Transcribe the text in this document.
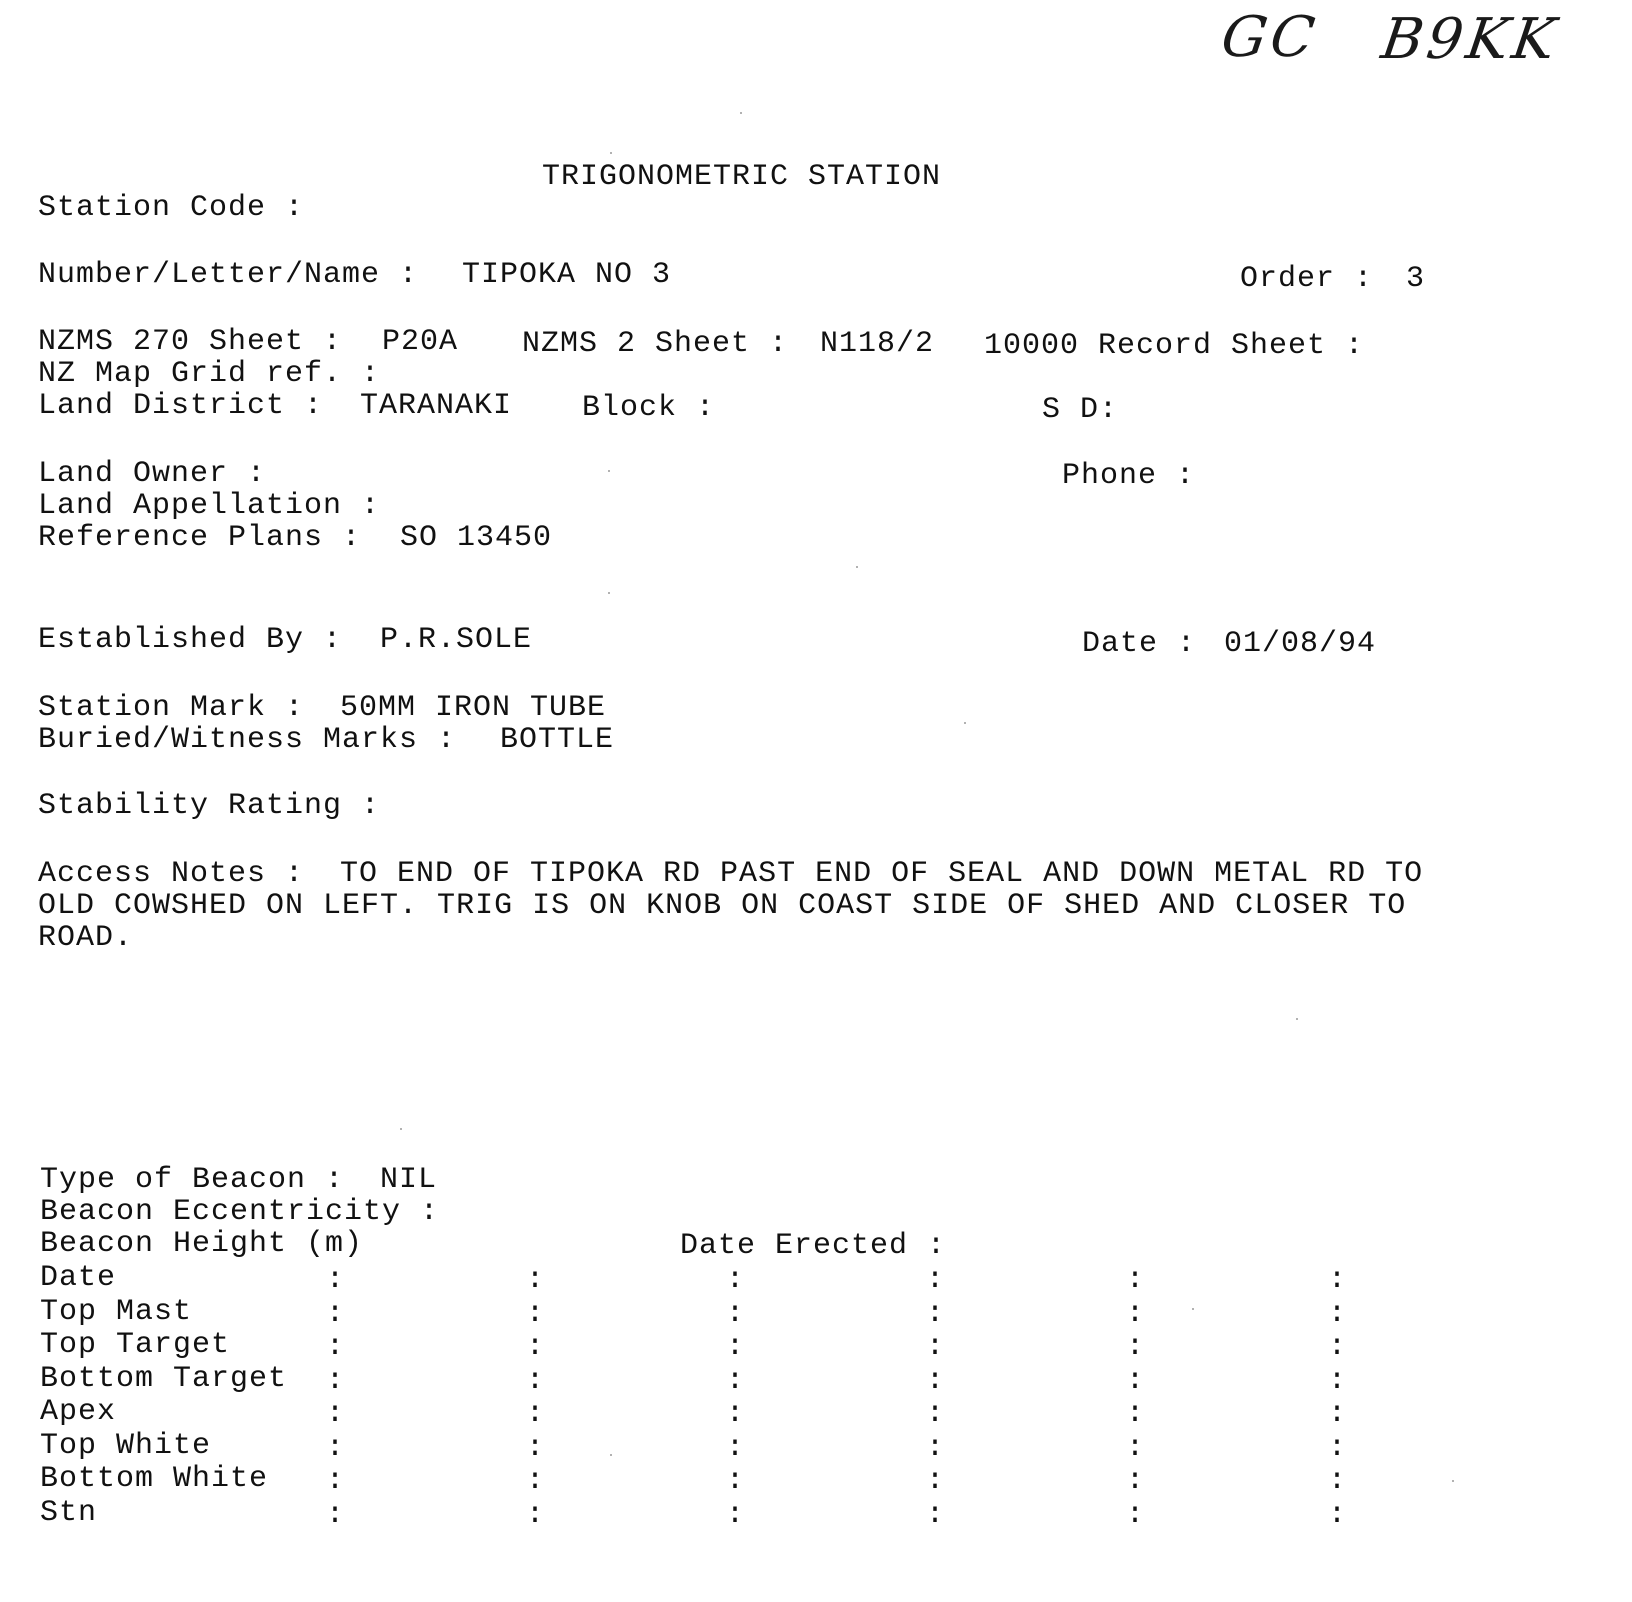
GC B9KK
TRIGONOMETRIC STATION
Station Code :
Number/Letter/Name : TIPOKA NO 3	Order : 3
NZMS 270 Sheet : P20A NZMS 2 Sheet : N118/2 10000 Record Sheet :
NZ Map Grid ref. :
Land District : TARANAKI Block :	S D:
Land Owner :	Phone :
Land Appellation :
Reference Plans : SO 13450
Established By : P.R.SOLE	Date : 01/08/94
Station Mark : 50MM IRON TUBE
Buried/Witness Marks : BOTTLE
Stability Rating :
Access Notes : TO END OF TIPOKA RD PAST END OF SEAL AND DOWN METAL RD TO
OLD COWSHED ON LEFT. TRIG IS ON KNOB ON COAST SIDE OF SHED AND CLOSER TO
ROAD.
Type of Beacon : NIL
Beacon Eccentricity :
Beacon Height (m)	Date Erected :
Date	:	:	:	:	:	:
Top Mast	:	:	:	:	:	:
Top Target	:	:	:	:	:	:
Bottom Target :	:	:	:	:	:
Apex	:	:	:	:	:	:
Top White	:	:	:	:	:	:
Bottom White :	:	:	:	:	:
Stn	:	:	:	:	:	:
